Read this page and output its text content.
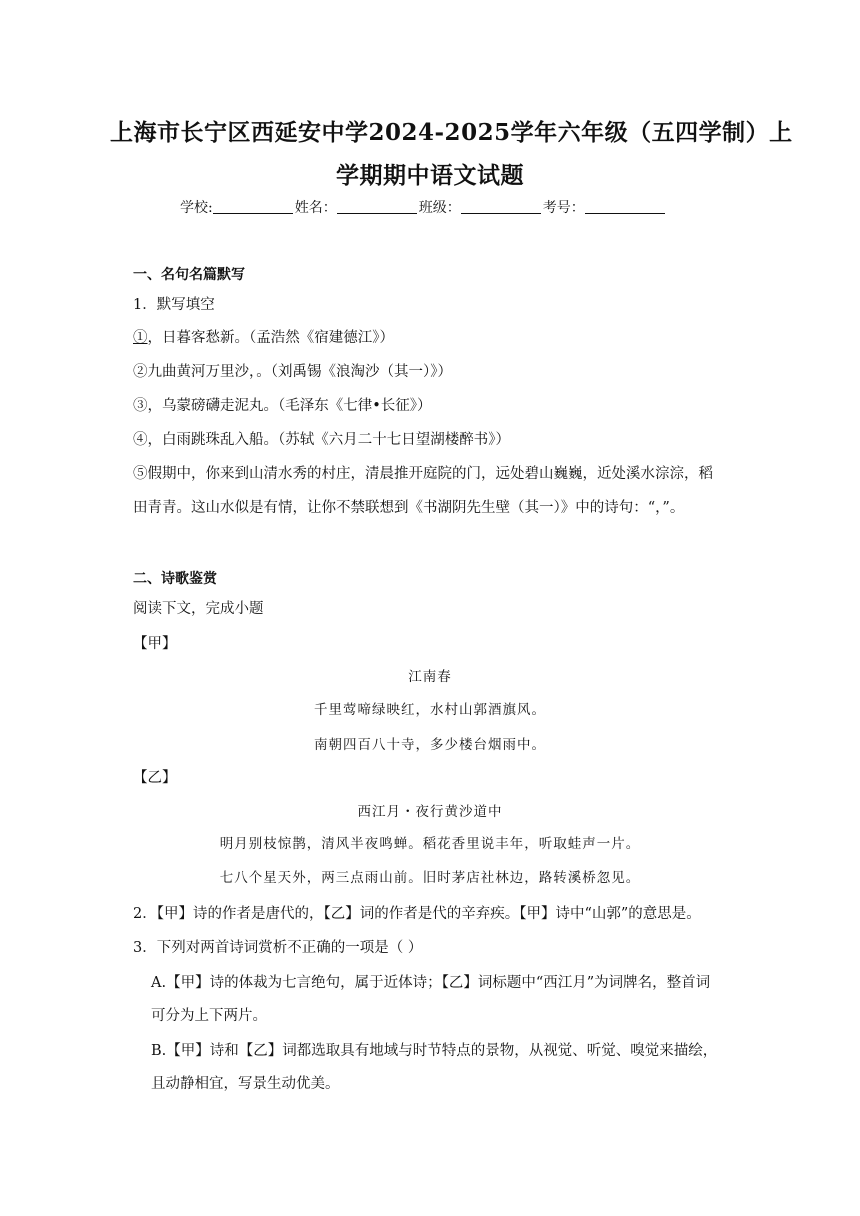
上海市长宁区西延安中学2024-2025学年六年级（五四学制）上
学期期中语文试题
学校:	姓名：	班级：	考号：
一、名句名篇默写
1．默写填空
①，日暮客愁新。（孟浩然《宿建德江》）
②九曲黄河万里沙，。（刘禹锡《浪淘沙（其一）》）
③，乌蒙磅礴走泥丸。（毛泽东《七律•长征》）
④，白雨跳珠乱入船。（苏轼《六月二十七日望湖楼醉书》）
⑤假期中，你来到山清水秀的村庄，清晨推开庭院的门，远处碧山巍巍，近处溪水淙淙，稻
田青青。这山水似是有情，让你不禁联想到《书湖阴先生壁（其一）》中的诗句：“，”。
二、诗歌鉴赏
阅读下文，完成小题
【甲】
江南春
千里莺啼绿映红，水村山郭酒旗风。
南朝四百八十寺，多少楼台烟雨中。
【乙】
西江月・夜行黄沙道中
明月别枝惊鹊，清风半夜鸣蝉。稻花香里说丰年，听取蛙声一片。
七八个星天外，两三点雨山前。旧时茅店社林边，路转溪桥忽见。
2．【甲】诗的作者是唐代的，【乙】词的作者是代的辛弃疾。【甲】诗中“山郭”的意思是。
3．下列对两首诗词赏析不正确的一项是（ ）
A.【甲】诗的体裁为七言绝句，属于近体诗；【乙】词标题中“西江月”为词牌名，整首词
可分为上下两片。
B.【甲】诗和【乙】词都选取具有地域与时节特点的景物，从视觉、听觉、嗅觉来描绘，
且动静相宜，写景生动优美。
